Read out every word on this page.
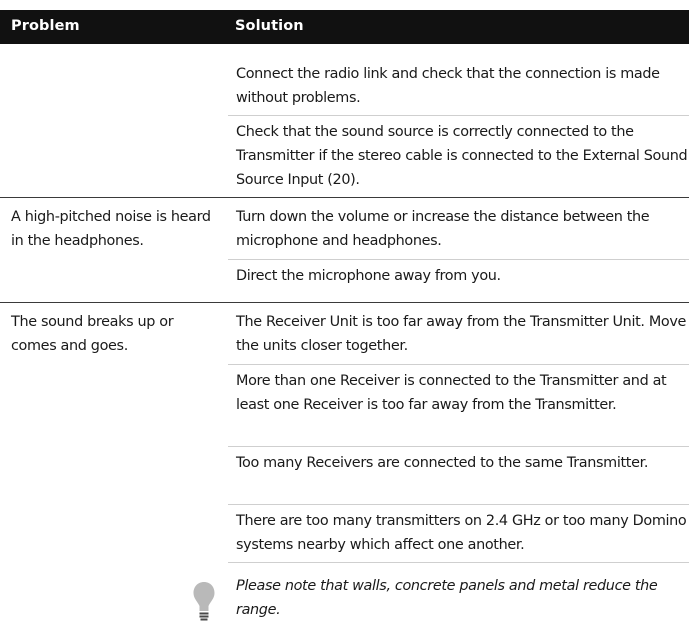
Problem	Solution
Connect the radio link and check that the connection is made without problems.
Check that the sound source is correctly connected to the Transmitter if the stereo cable is connected to the External Sound Source Input (20).
A high-pitched noise is heard in the headphones.
Turn down the volume or increase the distance between the microphone and headphones.
Direct the microphone away from you.
The sound breaks up or comes and goes.
The Receiver Unit is too far away from the Transmitter Unit. Move the units closer together.
More than one Receiver is connected to the Transmitter and at least one Receiver is too far away from the Transmitter.
Too many Receivers are connected to the same Transmitter.
There are too many transmitters on 2.4 GHz or too many Domino systems nearby which affect one another.
Please note that walls, concrete panels and metal reduce the range.
